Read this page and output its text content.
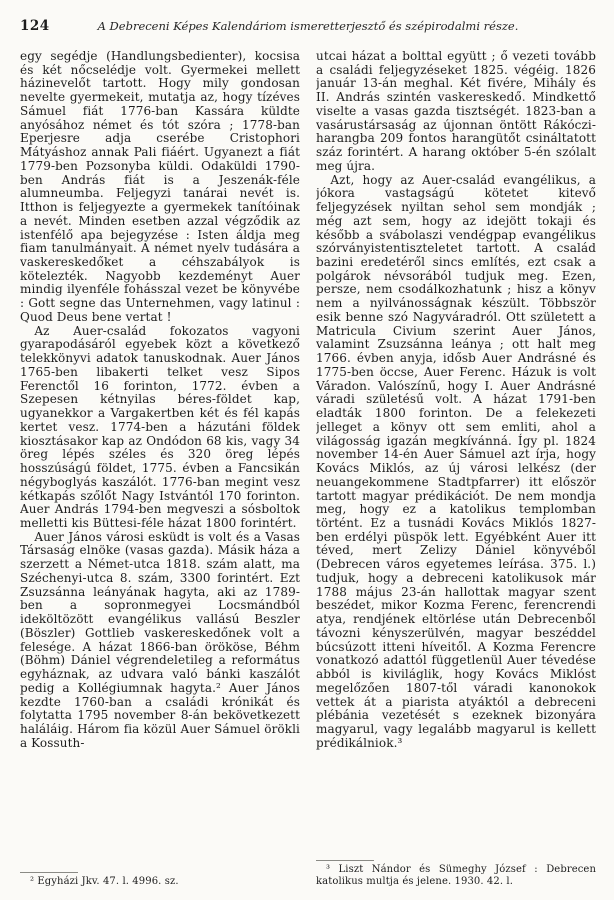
124	A Debreceni Képes Kalendáriom ismeretterjesztő és szépirodalmi része.

egy segédje (Handlungsbedienter), kocsisa és két nőcselédje volt. Gyermekei mellett házinevelőt tartott. Hogy mily gondosan nevelte gyermekeit, mutatja az, hogy tízéves Sámuel fiát 1776-ban Kassára küldte anyósához német és tót szóra ; 1778-ban Eperjesre adja cserébe Cristophori Mátyáshoz annak Pali fiáért. Ugyanezt a fiát 1779-ben Pozsonyba küldi. Odaküldi 1790-ben András fiát is a Jeszenák-féle alumneumba. Feljegyzi tanárai nevét is. Itthon is feljegyezte a gyermekek tanítóinak a nevét. Minden esetben azzal végződik az istenfélő apa bejegyzése : Isten áldja meg fiam tanulmányait. A német nyelv tudására a vaskereskedőket a céhszabályok is kötelezték. Nagyobb kezdeményt Auer mindig ilyenféle fohásszal vezet be könyvébe : Gott segne das Unternehmen, vagy latinul : Quod Deus bene vertat !

Az Auer-család fokozatos vagyoni gyarapodásáról egyebek közt a következő telekkönyvi adatok tanuskodnak. Auer János 1765-ben libakerti telket vesz Sipos Ferenctől 16 forinton, 1772. évben a Szepesen kétnyilas béres-földet kap, ugyanekkor a Vargakertben két és fél kapás kertet vesz. 1774-ben a házutáni földek kiosztásakor kap az Ondódon 68 kis, vagy 34 öreg lépés széles és 320 öreg lépés hosszúságú földet, 1775. évben a Fancsikán négyboglyás kaszálót. 1776-ban megint vesz kétkapás szőlőt Nagy Istvántól 170 forinton. Auer András 1794-ben megveszi a sósboltok melletti kis Büttesi-féle házat 1800 forintért.

Auer János városi esküdt is volt és a Vasas Társaság elnöke (vasas gazda). Másik háza a szerzett a Német-utca 1818. szám alatt, ma Széchenyi-utca 8. szám, 3300 forintért. Ezt Zsuzsánna leányának hagyta, aki az 1789-ben a sopronmegyei Locsmándból ideköltözött evangélikus vallású Beszler (Böszler) Gottlieb vaskereskedőnek volt a felesége. A házat 1866-ban örököse, Béhm (Böhm) Dániel végrendeletileg a református egyháznak, az udvara való bánki kaszálót pedig a Kollégiumnak hagyta.² Auer János kezdte 1760-ban a családi krónikát és folytatta 1795 november 8-án bekövetkezett haláláig. Három fia közül Auer Sámuel örökli a Kossuth-

² Egyházi Jkv. 47. l. 4996. sz.

utcai házat a bolttal együtt ; ő vezeti tovább a családi feljegyzéseket 1825. végéig. 1826 január 13-án meghal. Két fivére, Mihály és II. András szintén vaskereskedő. Mindkettő viselte a vasas gazda tisztségét. 1823-ban a vasárustársaság az újonnan öntött Rákóczi-harangba 209 fontos harangütőt csináltatott száz forintért. A harang október 5-én szólalt meg újra.

Azt, hogy az Auer-család evangélikus, a jókora vastagságú kötetet kitevő feljegyzések nyiltan sehol sem mondják ; még azt sem, hogy az idejött tokaji és később a svábolaszi vendégpap evangélikus szórványistentiszteletet tartott. A család bazini eredetéről sincs említés, ezt csak a polgárok névsorából tudjuk meg. Ezen, persze, nem csodálkozhatunk ; hisz a könyv nem a nyilvánosságnak készült. Többször esik benne szó Nagyváradról. Ott született a Matricula Civium szerint Auer János, valamint Zsuzsánna leánya ; ott halt meg 1766. évben anyja, idősb Auer Andrásné és 1775-ben öccse, Auer Ferenc. Házuk is volt Váradon. Valószínű, hogy I. Auer Andrásné váradi születésű volt. A házat 1791-ben eladták 1800 forinton. De a felekezeti jelleget a könyv ott sem emliti, ahol a világosság igazán megkívánná. Így pl. 1824 november 14-én Auer Sámuel azt írja, hogy Kovács Miklós, az új városi lelkész (der neuangekommene Stadtpfarrer) itt először tartott magyar prédikációt. De nem mondja meg, hogy ez a katolikus templomban történt. Ez a tusnádi Kovács Miklós 1827-ben erdélyi püspök lett. Egyébként Auer itt téved, mert Zelizy Dániel könyvéből (Debrecen város egyetemes leírása. 375. l.) tudjuk, hogy a debreceni katolikusok már 1788 május 23-án hallottak magyar szent beszédet, mikor Kozma Ferenc, ferencrendi atya, rendjének eltörlése után Debrecenből távozni kényszerülvén, magyar beszéddel búcsúzott itteni híveitől. A Kozma Ferencre vonatkozó adattól függetlenül Auer tévedése abból is kiviláglik, hogy Kovács Miklóst megelőzően 1807-től váradi kanonokok vettek át a piarista atyáktól a debreceni plébánia vezetését s ezeknek bizonyára magyarul, vagy legalább magyarul is kellett prédikálniok.³

³ Liszt Nándor és Sümeghy József : Debrecen katolikus multja és jelene. 1930. 42. l.
